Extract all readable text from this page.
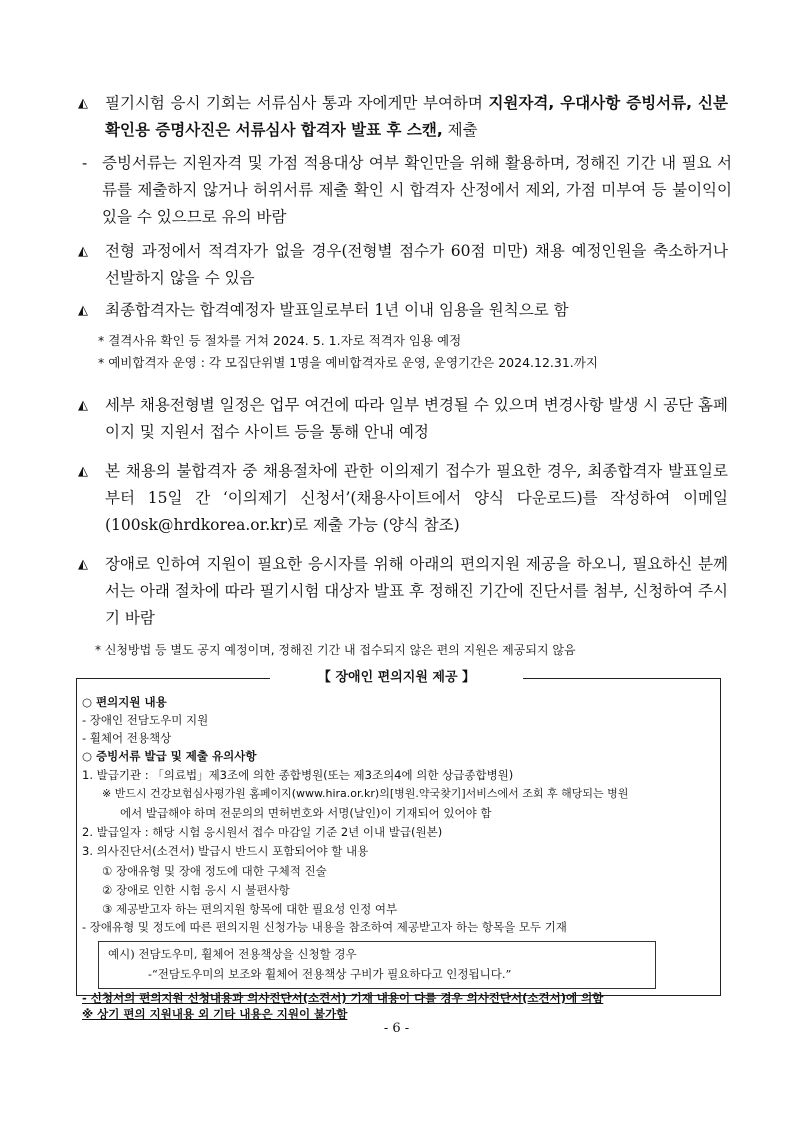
◭	필기시험 응시 기회는 서류심사 통과 자에게만 부여하며 지원자격, 우대사항 증빙서류, 신분 확인용 증명사진은 서류심사 합격자 발표 후 스캔, 제출
- 증빙서류는 지원자격 및 가점 적용대상 여부 확인만을 위해 활용하며, 정해진 기간 내 필요 서류를 제출하지 않거나 허위서류 제출 확인 시 합격자 산정에서 제외, 가점 미부여 등 불이익이 있을 수 있으므로 유의 바람
◭	전형 과정에서 적격자가 없을 경우(전형별 점수가 60점 미만) 채용 예정인원을 축소하거나 선발하지 않을 수 있음
◭	최종합격자는 합격예정자 발표일로부터 1년 이내 임용을 원칙으로 함
* 결격사유 확인 등 절차를 거쳐 2024. 5. 1.자로 적격자 임용 예정
* 예비합격자 운영 : 각 모집단위별 1명을 예비합격자로 운영, 운영기간은 2024.12.31.까지
◭	세부 채용전형별 일정은 업무 여건에 따라 일부 변경될 수 있으며 변경사항 발생 시 공단 홈페이지 및 지원서 접수 사이트 등을 통해 안내 예정
◭	본 채용의 불합격자 중 채용절차에 관한 이의제기 접수가 필요한 경우, 최종합격자 발표일로부터 15일 간 ‘이의제기 신청서’(채용사이트에서 양식 다운로드)를 작성하여 이메일(100sk@hrdkorea.or.kr)로 제출 가능 (양식 참조)
◭	장애로 인하여 지원이 필요한 응시자를 위해 아래의 편의지원 제공을 하오니, 필요하신 분께서는 아래 절차에 따라 필기시험 대상자 발표 후 정해진 기간에 진단서를 첨부, 신청하여 주시기 바람
* 신청방법 등 별도 공지 예정이며, 정해진 기간 내 접수되지 않은 편의 지원은 제공되지 않음
【 장애인 편의지원 제공 】
○ 편의지원 내용
- 장애인 전담도우미 지원
- 휠체어 전용책상
○ 증빙서류 발급 및 제출 유의사항
1. 발급기관 : 「의료법」제3조에 의한 종합병원(또는 제3조의4에 의한 상급종합병원)
※ 반드시 건강보험심사평가원 홈페이지(www.hira.or.kr)의[병원.약국찾기]서비스에서 조회 후 해당되는 병원
에서 발급해야 하며 전문의의 면허번호와 서명(날인)이 기재되어 있어야 함
2. 발급일자 : 해당 시험 응시원서 접수 마감일 기준 2년 이내 발급(원본)
3. 의사진단서(소견서) 발급시 반드시 포함되어야 할 내용
① 장애유형 및 장애 정도에 대한 구체적 진술
② 장애로 인한 시험 응시 시 불편사항
③ 제공받고자 하는 편의지원 항목에 대한 필요성 인정 여부
- 장애유형 및 정도에 따른 편의지원 신청가능 내용을 참조하여 제공받고자 하는 항목을 모두 기재
예시) 전담도우미, 휠체어 전용책상을 신청할 경우
-“전담도우미의 보조와 휠체어 전용책상 구비가 필요하다고 인정됩니다.”
- 신청서의 편의지원 신청내용과 의사진단서(소견서) 기재 내용이 다를 경우 의사진단서(소견서)에 의함
※ 상기 편의 지원내용 외 기타 내용은 지원이 불가함
- 6 -
